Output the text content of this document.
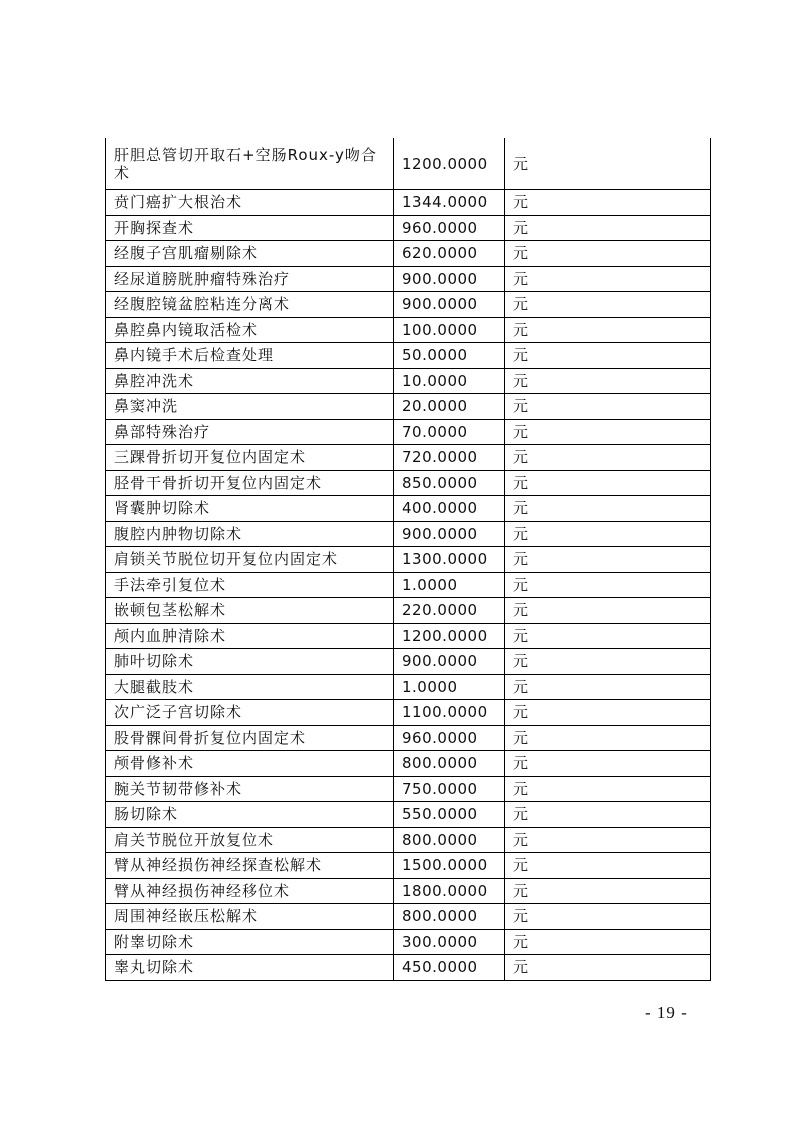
肝胆总管切开取石+空肠Roux-y吻合术	1200.0000	元
贲门癌扩大根治术	1344.0000	元
开胸探查术	960.0000	元
经腹子宫肌瘤剔除术	620.0000	元
经尿道膀胱肿瘤特殊治疗	900.0000	元
经腹腔镜盆腔粘连分离术	900.0000	元
鼻腔鼻内镜取活检术	100.0000	元
鼻内镜手术后检查处理	50.0000	元
鼻腔冲洗术	10.0000	元
鼻窦冲洗	20.0000	元
鼻部特殊治疗	70.0000	元
三踝骨折切开复位内固定术	720.0000	元
胫骨干骨折切开复位内固定术	850.0000	元
肾囊肿切除术	400.0000	元
腹腔内肿物切除术	900.0000	元
肩锁关节脱位切开复位内固定术	1300.0000	元
手法牵引复位术	1.0000	元
嵌顿包茎松解术	220.0000	元
颅内血肿清除术	1200.0000	元
肺叶切除术	900.0000	元
大腿截肢术	1.0000	元
次广泛子宫切除术	1100.0000	元
股骨髁间骨折复位内固定术	960.0000	元
颅骨修补术	800.0000	元
腕关节韧带修补术	750.0000	元
肠切除术	550.0000	元
肩关节脱位开放复位术	800.0000	元
臂从神经损伤神经探查松解术	1500.0000	元
臂从神经损伤神经移位术	1800.0000	元
周围神经嵌压松解术	800.0000	元
附睾切除术	300.0000	元
睾丸切除术	450.0000	元
- 19 -
